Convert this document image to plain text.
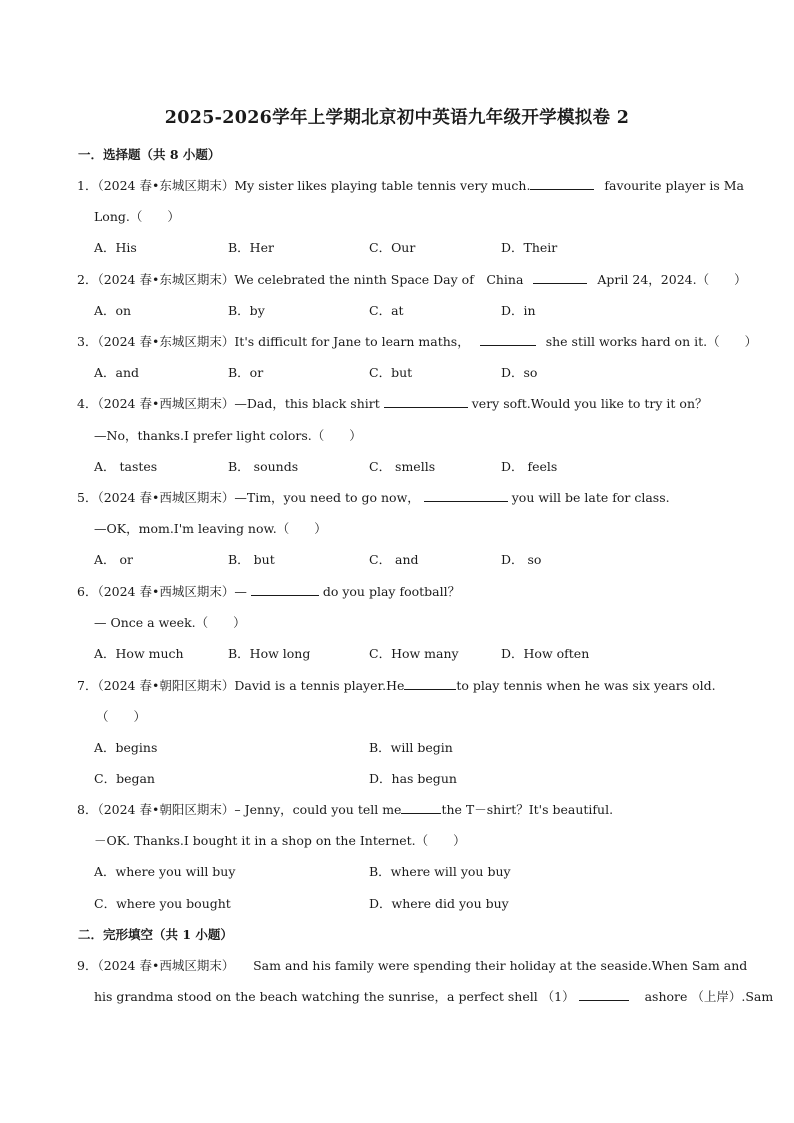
2025-2026学年上学期北京初中英语九年级开学模拟卷 2
一．选择题（共 8 小题）
1．（2024 春•东城区期末）My sister likes playing table tennis very much.	favourite player is Ma
Long.（　　）
A．His	B．Her	C．Our	D．Their
2．（2024 春•东城区期末）We celebrated the ninth Space Day of　China	April 24，2024.（　　）
A．on	B．by	C．at	D．in
3．（2024 春•东城区期末）It's difficult for Jane to learn maths，	she still works hard on it.（　　）
A．and	B．or	C．but	D．so
4．（2024 春•西城区期末）—Dad，this black shirt	very soft.Would you like to try it on？
—No，thanks.I prefer light colors.（　　）
A． tastes	B． sounds	C． smells	D． feels
5．（2024 春•西城区期末）—Tim，you need to go now，	you will be late for class.
—OK，mom.I'm leaving now.（　　）
A． or	B． but	C． and	D． so
6．（2024 春•西城区期末）—	do you play football？
— Once a week.（　　）
A．How much	B．How long	C．How many	D．How often
7．（2024 春•朝阳区期末）David is a tennis player.He	to play tennis when he was six years old.
（　　）
A．begins	B．will begin
C．began	D．has begun
8．（2024 春•朝阳区期末）– Jenny，could you tell me	the T－shirt？It's beautiful.
－OK. Thanks.I bought it in a shop on the Internet.（　　）
A．where you will buy	B．where will you buy
C．where you bought	D．where did you buy
二．完形填空（共 1 小题）
9．（2024 春•西城区期末）　　Sam and his family were spending their holiday at the seaside.When Sam and
his grandma stood on the beach watching the sunrise，a perfect shell （1）	ashore （上岸）.Sam
